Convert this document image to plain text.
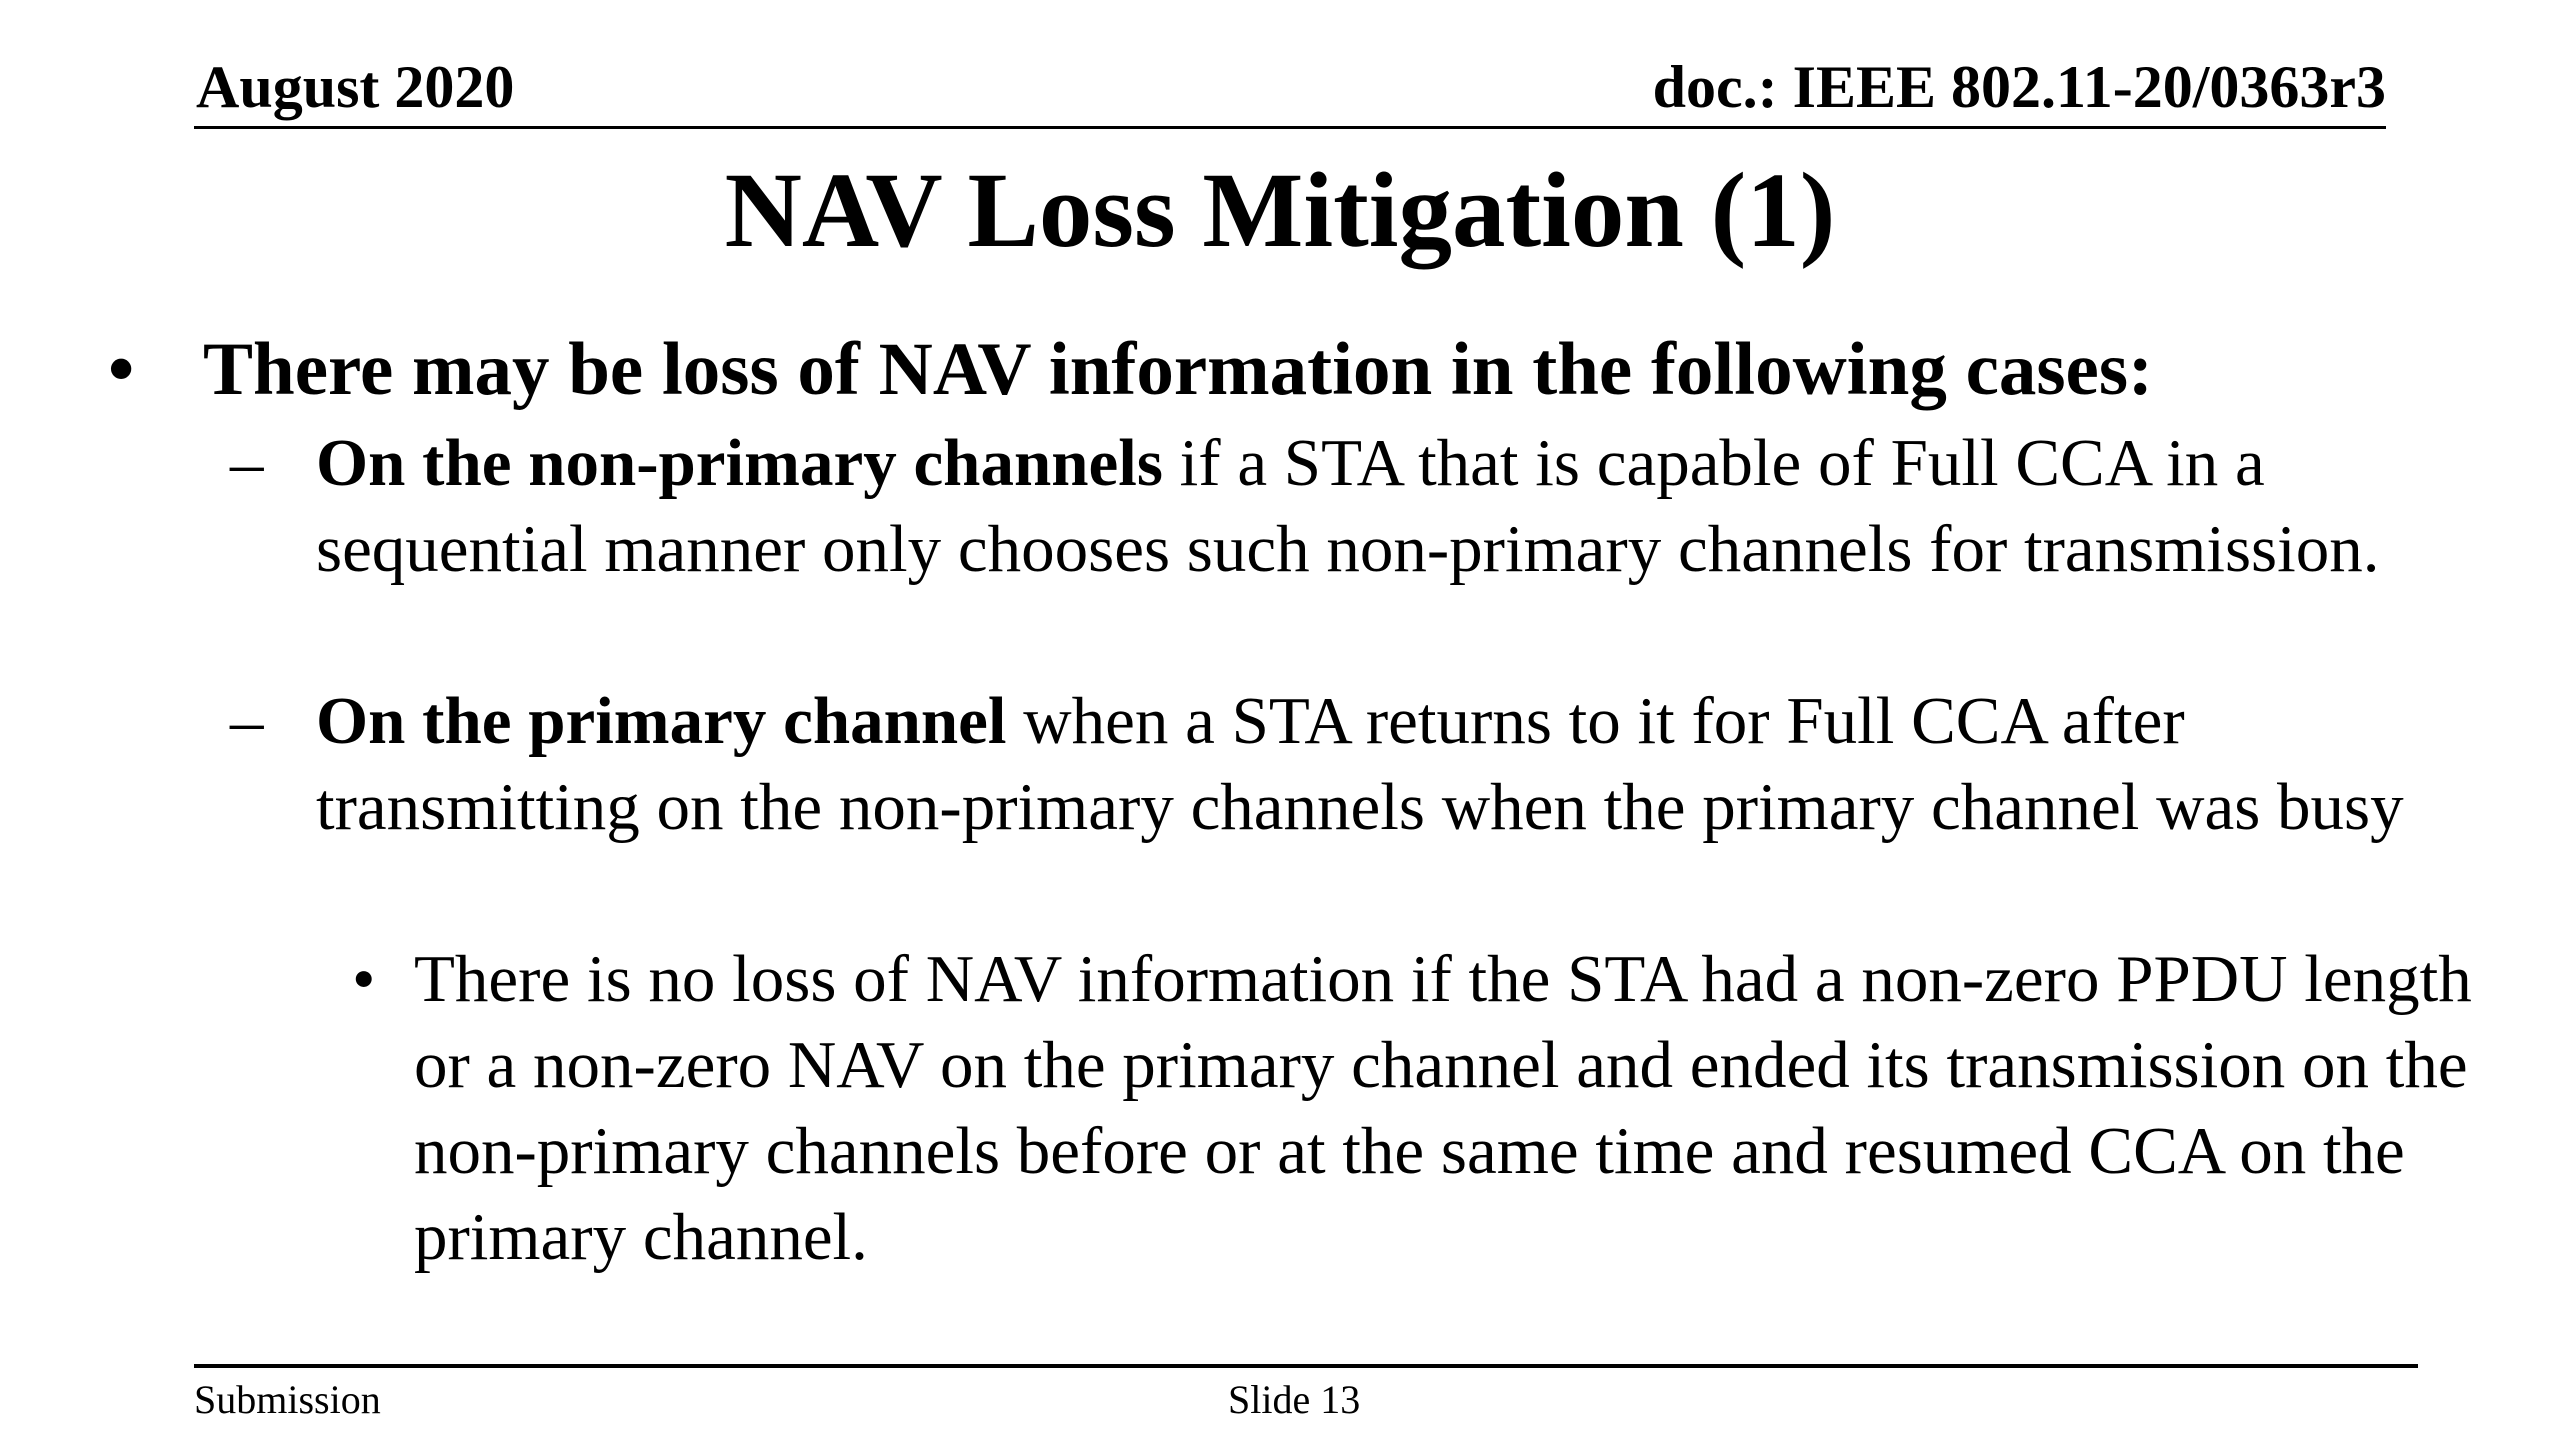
August 2020	doc.: IEEE 802.11-20/0363r3
NAV Loss Mitigation (1)
• There may be loss of NAV information in the following cases:
– On the non-primary channels if a STA that is capable of Full CCA in a sequential manner only chooses such non-primary channels for transmission.
– On the primary channel when a STA returns to it for Full CCA after transmitting on the non-primary channels when the primary channel was busy
• There is no loss of NAV information if the STA had a non-zero PPDU length or a non-zero NAV on the primary channel and ended its transmission on the non-primary channels before or at the same time and resumed CCA on the primary channel.
Submission	Slide 13
